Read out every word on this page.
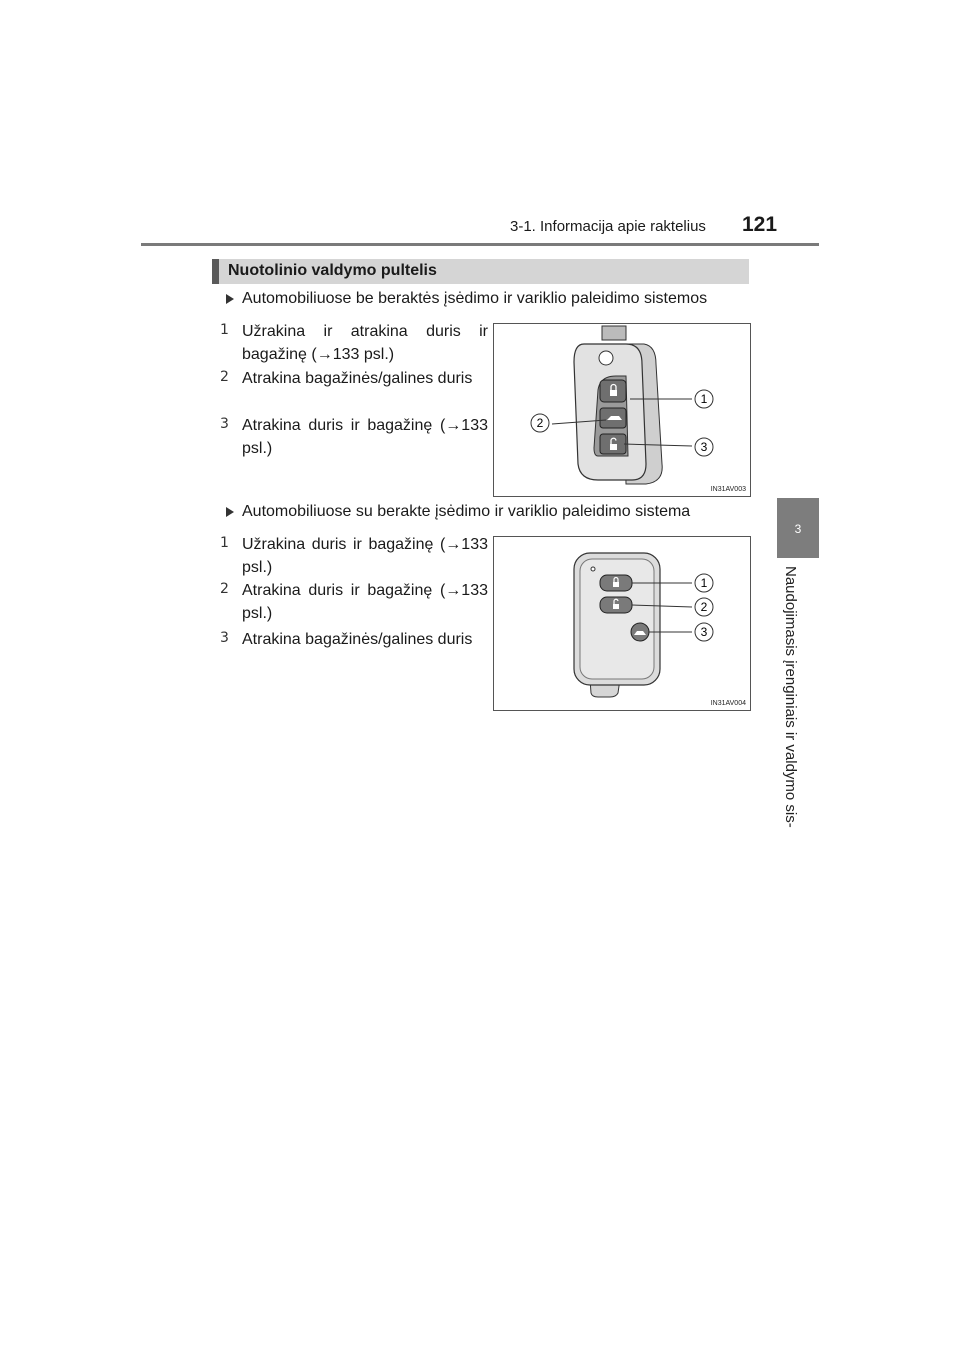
3-1. Informacija apie raktelius 121
3
Naudojimasis įrenginiais ir valdymo sis-
Nuotolinio valdymo pultelis
Automobiliuose be beraktės įsėdimo ir variklio paleidimo sistemos
1 Užrakina ir atrakina duris ir bagažinę (→133 psl.)
2 Atrakina bagažinės/galines duris
3 Atrakina duris ir bagažinę (→133 psl.)
1
2
3
IN31AV003
Automobiliuose su berakte įsėdimo ir variklio paleidimo sistema
1 Užrakina duris ir bagažinę (→133 psl.)
2 Atrakina duris ir bagažinę (→133 psl.)
3 Atrakina bagažinės/galines duris
1
2
3
IN31AV004
